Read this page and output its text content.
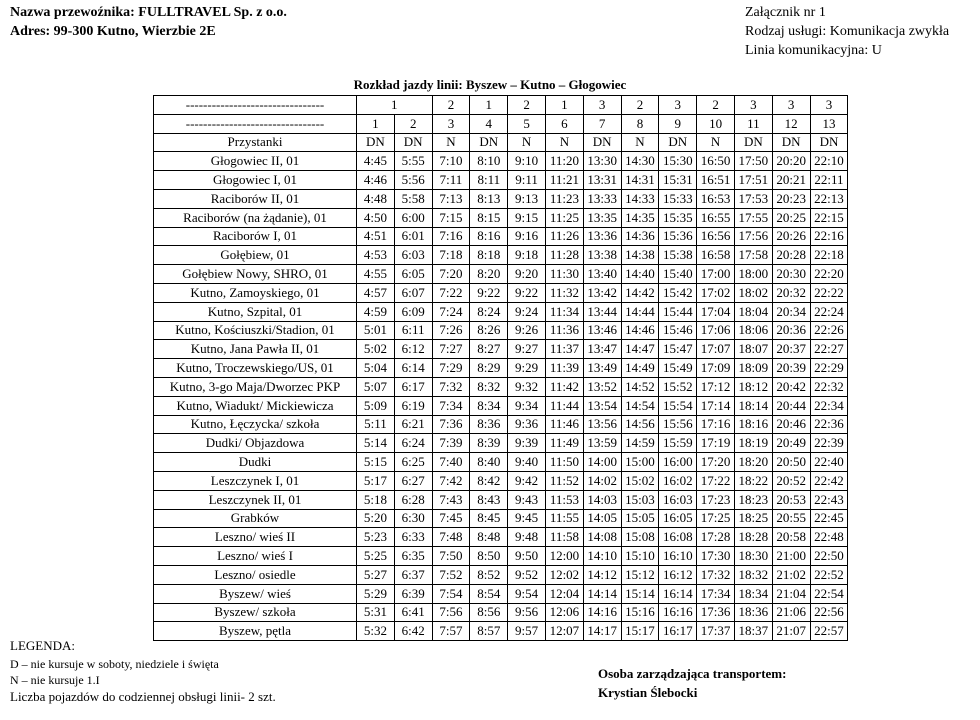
Nazwa przewoźnika: FULLTRAVEL Sp. z o.o.
Adres: 99-300 Kutno, Wierzbie 2E
Załącznik nr 1
Rodzaj usługi: Komunikacja zwykła
Linia komunikacyjna: U
Rozkład jazdy linii: Byszew – Kutno – Głogowiec
--------------------------------	1		2	1	2	1	3	2	3	2	3	3	3
--------------------------------	1	2	3	4	5	6	7	8	9	10	11	12	13
Przystanki	DN	DN	N	DN	N	N	DN	N	DN	N	DN	DN	DN
Głogowiec II, 01	4:45	5:55	7:10	8:10	9:10	11:20	13:30	14:30	15:30	16:50	17:50	20:20	22:10
Głogowiec I, 01	4:46	5:56	7:11	8:11	9:11	11:21	13:31	14:31	15:31	16:51	17:51	20:21	22:11
Raciborów II, 01	4:48	5:58	7:13	8:13	9:13	11:23	13:33	14:33	15:33	16:53	17:53	20:23	22:13
Raciborów (na żądanie), 01	4:50	6:00	7:15	8:15	9:15	11:25	13:35	14:35	15:35	16:55	17:55	20:25	22:15
Raciborów I, 01	4:51	6:01	7:16	8:16	9:16	11:26	13:36	14:36	15:36	16:56	17:56	20:26	22:16
Gołębiew, 01	4:53	6:03	7:18	8:18	9:18	11:28	13:38	14:38	15:38	16:58	17:58	20:28	22:18
Gołębiew Nowy, SHRO, 01	4:55	6:05	7:20	8:20	9:20	11:30	13:40	14:40	15:40	17:00	18:00	20:30	22:20
Kutno, Zamoyskiego, 01	4:57	6:07	7:22	9:22	9:22	11:32	13:42	14:42	15:42	17:02	18:02	20:32	22:22
Kutno, Szpital, 01	4:59	6:09	7:24	8:24	9:24	11:34	13:44	14:44	15:44	17:04	18:04	20:34	22:24
Kutno, Kościuszki/Stadion, 01	5:01	6:11	7:26	8:26	9:26	11:36	13:46	14:46	15:46	17:06	18:06	20:36	22:26
Kutno, Jana Pawła II, 01	5:02	6:12	7:27	8:27	9:27	11:37	13:47	14:47	15:47	17:07	18:07	20:37	22:27
Kutno, Troczewskiego/US, 01	5:04	6:14	7:29	8:29	9:29	11:39	13:49	14:49	15:49	17:09	18:09	20:39	22:29
Kutno, 3-go Maja/Dworzec PKP	5:07	6:17	7:32	8:32	9:32	11:42	13:52	14:52	15:52	17:12	18:12	20:42	22:32
Kutno, Wiadukt/ Mickiewicza	5:09	6:19	7:34	8:34	9:34	11:44	13:54	14:54	15:54	17:14	18:14	20:44	22:34
Kutno, Łęczycka/ szkoła	5:11	6:21	7:36	8:36	9:36	11:46	13:56	14:56	15:56	17:16	18:16	20:46	22:36
Dudki/ Objazdowa	5:14	6:24	7:39	8:39	9:39	11:49	13:59	14:59	15:59	17:19	18:19	20:49	22:39
Dudki	5:15	6:25	7:40	8:40	9:40	11:50	14:00	15:00	16:00	17:20	18:20	20:50	22:40
Leszczynek I, 01	5:17	6:27	7:42	8:42	9:42	11:52	14:02	15:02	16:02	17:22	18:22	20:52	22:42
Leszczynek II, 01	5:18	6:28	7:43	8:43	9:43	11:53	14:03	15:03	16:03	17:23	18:23	20:53	22:43
Grabków	5:20	6:30	7:45	8:45	9:45	11:55	14:05	15:05	16:05	17:25	18:25	20:55	22:45
Leszno/ wieś II	5:23	6:33	7:48	8:48	9:48	11:58	14:08	15:08	16:08	17:28	18:28	20:58	22:48
Leszno/ wieś I	5:25	6:35	7:50	8:50	9:50	12:00	14:10	15:10	16:10	17:30	18:30	21:00	22:50
Leszno/ osiedle	5:27	6:37	7:52	8:52	9:52	12:02	14:12	15:12	16:12	17:32	18:32	21:02	22:52
Byszew/ wieś	5:29	6:39	7:54	8:54	9:54	12:04	14:14	15:14	16:14	17:34	18:34	21:04	22:54
Byszew/ szkoła	5:31	6:41	7:56	8:56	9:56	12:06	14:16	15:16	16:16	17:36	18:36	21:06	22:56
Byszew, pętla	5:32	6:42	7:57	8:57	9:57	12:07	14:17	15:17	16:17	17:37	18:37	21:07	22:57
LEGENDA:
D – nie kursuje w soboty, niedziele i święta
N – nie kursuje 1.I
Liczba pojazdów do codziennej obsługi linii- 2 szt.
Osoba zarządzająca transportem:
Krystian Ślebocki
